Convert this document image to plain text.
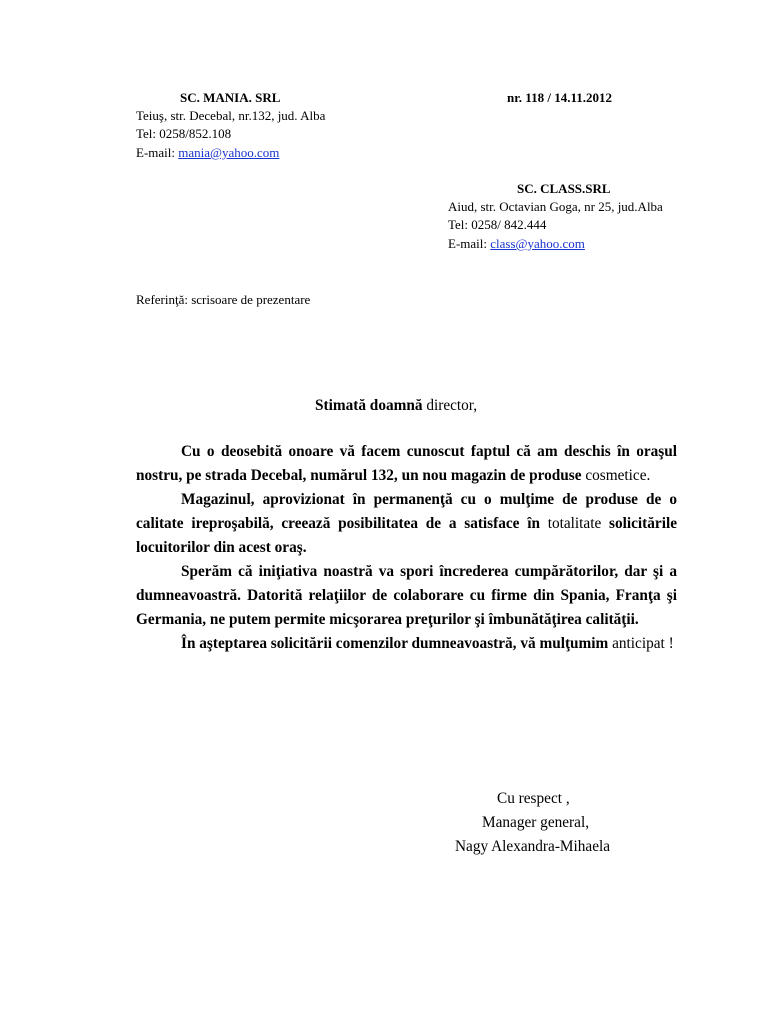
SC. MANIA. SRL
Teiuş, str. Decebal, nr.132, jud. Alba
Tel: 0258/852.108
E-mail: mania@yahoo.com
nr. 118 / 14.11.2012
SC. CLASS.SRL
Aiud, str. Octavian Goga, nr 25, jud.Alba
Tel: 0258/ 842.444
E-mail: class@yahoo.com
Referinţă: scrisoare de prezentare
Stimată doamnă director,

Cu o deosebită onoare vă facem cunoscut faptul că am deschis în oraşul nostru, pe strada Decebal, numărul 132, un nou magazin de produse cosmetice.

Magazinul, aprovizionat în permanenţă cu o mulţime de produse de o calitate ireproşabilă, creează posibilitatea de a satisface în totalitate solicitările locuitorilor din acest oraş.

Sperăm că iniţiativa noastră va spori încrederea cumpărătorilor, dar şi a dumneavoastră. Datorită relaţiilor de colaborare cu firme din Spania, Franţa şi Germania, ne putem permite micşorarea preţurilor şi îmbunătăţirea calităţii.

În aşteptarea solicitării comenzilor dumneavoastră, vă mulţumim anticipat !

Cu respect ,
Manager general,
Nagy Alexandra-Mihaela
